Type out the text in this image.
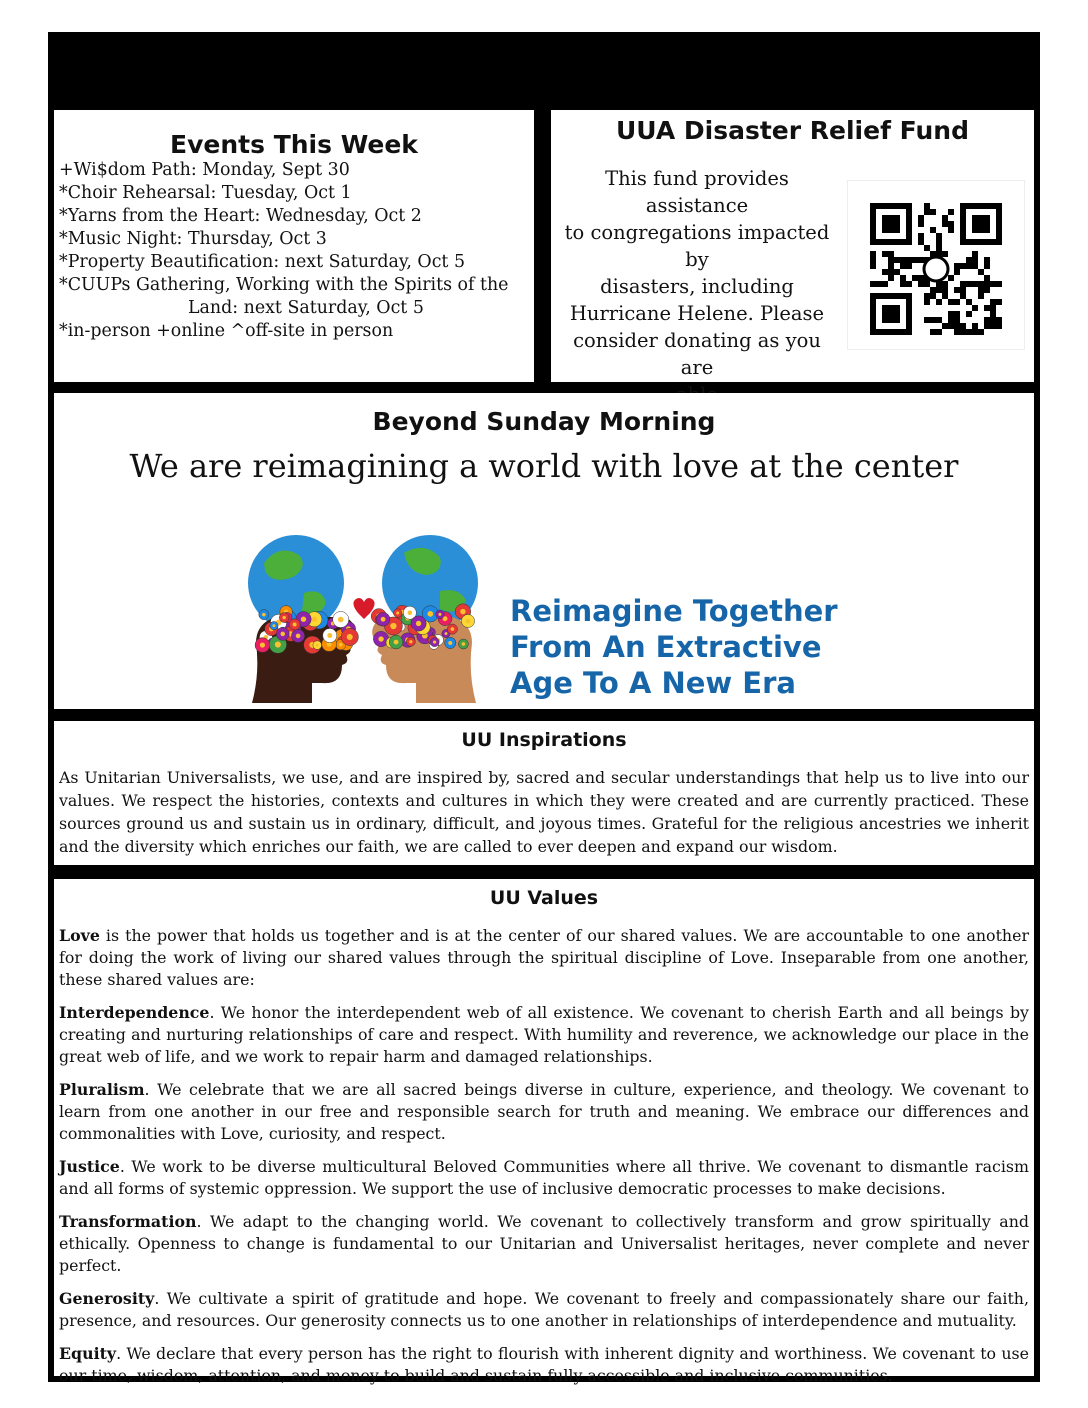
Events This Week
+Wi$dom Path: Monday, Sept 30
*Choir Rehearsal: Tuesday, Oct 1
*Yarns from the Heart: Wednesday, Oct 2
*Music Night: Thursday, Oct 3
*Property Beautification: next Saturday, Oct 5
*CUUPs Gathering, Working with the Spirits of the
Land: next Saturday, Oct 5
*in-person +online ^off-site in person
UUA Disaster Relief Fund
This fund provides assistance
to congregations impacted by
disasters, including
Hurricane Helene. Please
consider donating as you are
Beyond Sunday Morning
We are reimagining a world with love at the center
Reimagine Together
From An Extractive
Age To A New Era
UU Inspirations
As Unitarian Universalists, we use, and are inspired by, sacred and secular understandings that help us to live into our values. We respect the histories, contexts and cultures in which they were created and are currently practiced. These sources ground us and sustain us in ordinary, difficult, and joyous times. Grateful for the religious ancestries we inherit and the diversity which enriches our faith, we are called to ever deepen and expand our wisdom.
UU Values

Love is the power that holds us together and is at the center of our shared values. We are accountable to one another for doing the work of living our shared values through the spiritual discipline of Love. Inseparable from one another, these shared values are:

Interdependence. We honor the interdependent web of all existence. We covenant to cherish Earth and all beings by creating and nurturing relationships of care and respect. With humility and reverence, we acknowledge our place in the great web of life, and we work to repair harm and damaged relationships.

Pluralism. We celebrate that we are all sacred beings diverse in culture, experience, and theology. We covenant to learn from one another in our free and responsible search for truth and meaning. We embrace our differences and commonalities with Love, curiosity, and respect.

Justice. We work to be diverse multicultural Beloved Communities where all thrive. We covenant to dismantle racism and all forms of systemic oppression. We support the use of inclusive democratic processes to make decisions.

Transformation. We adapt to the changing world. We covenant to collectively transform and grow spiritually and ethically. Openness to change is fundamental to our Unitarian and Universalist heritages, never complete and never perfect.

Generosity. We cultivate a spirit of gratitude and hope. We covenant to freely and compassionately share our faith, presence, and resources. Our generosity connects us to one another in relationships of interdependence and mutuality.

Equity. We declare that every person has the right to flourish with inherent dignity and worthiness. We covenant to use our time, wisdom, attention, and money to build and sustain fully accessible and inclusive communities.
